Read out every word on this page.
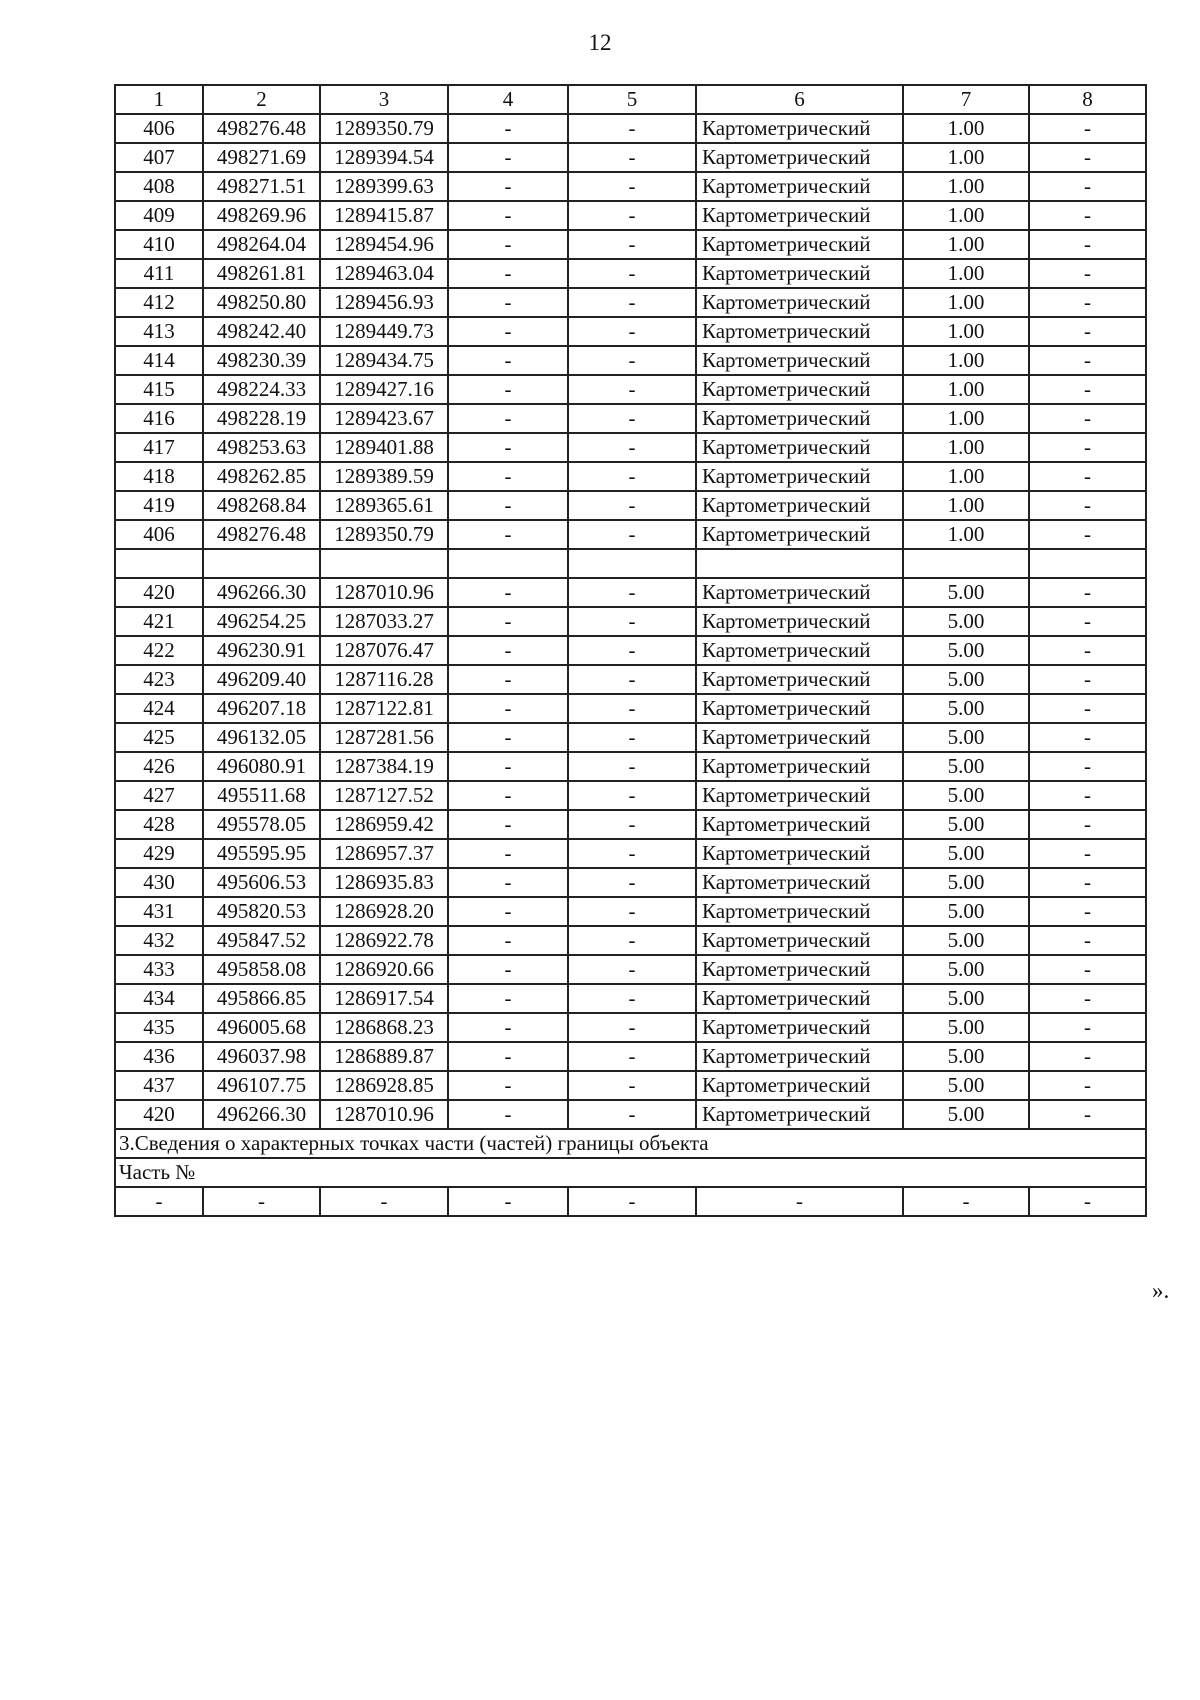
12
1	2	3	4	5	6	7	8
406	498276.48	1289350.79	-	-	Картометрический	1.00	-
407	498271.69	1289394.54	-	-	Картометрический	1.00	-
408	498271.51	1289399.63	-	-	Картометрический	1.00	-
409	498269.96	1289415.87	-	-	Картометрический	1.00	-
410	498264.04	1289454.96	-	-	Картометрический	1.00	-
411	498261.81	1289463.04	-	-	Картометрический	1.00	-
412	498250.80	1289456.93	-	-	Картометрический	1.00	-
413	498242.40	1289449.73	-	-	Картометрический	1.00	-
414	498230.39	1289434.75	-	-	Картометрический	1.00	-
415	498224.33	1289427.16	-	-	Картометрический	1.00	-
416	498228.19	1289423.67	-	-	Картометрический	1.00	-
417	498253.63	1289401.88	-	-	Картометрический	1.00	-
418	498262.85	1289389.59	-	-	Картометрический	1.00	-
419	498268.84	1289365.61	-	-	Картометрический	1.00	-
406	498276.48	1289350.79	-	-	Картометрический	1.00	-

420	496266.30	1287010.96	-	-	Картометрический	5.00	-
421	496254.25	1287033.27	-	-	Картометрический	5.00	-
422	496230.91	1287076.47	-	-	Картометрический	5.00	-
423	496209.40	1287116.28	-	-	Картометрический	5.00	-
424	496207.18	1287122.81	-	-	Картометрический	5.00	-
425	496132.05	1287281.56	-	-	Картометрический	5.00	-
426	496080.91	1287384.19	-	-	Картометрический	5.00	-
427	495511.68	1287127.52	-	-	Картометрический	5.00	-
428	495578.05	1286959.42	-	-	Картометрический	5.00	-
429	495595.95	1286957.37	-	-	Картометрический	5.00	-
430	495606.53	1286935.83	-	-	Картометрический	5.00	-
431	495820.53	1286928.20	-	-	Картометрический	5.00	-
432	495847.52	1286922.78	-	-	Картометрический	5.00	-
433	495858.08	1286920.66	-	-	Картометрический	5.00	-
434	495866.85	1286917.54	-	-	Картометрический	5.00	-
435	496005.68	1286868.23	-	-	Картометрический	5.00	-
436	496037.98	1286889.87	-	-	Картометрический	5.00	-
437	496107.75	1286928.85	-	-	Картометрический	5.00	-
420	496266.30	1287010.96	-	-	Картометрический	5.00	-
3.Сведения о характерных точках части (частей) границы объекта							
Часть №							
-	-	-	-	-	-	-	-
».
